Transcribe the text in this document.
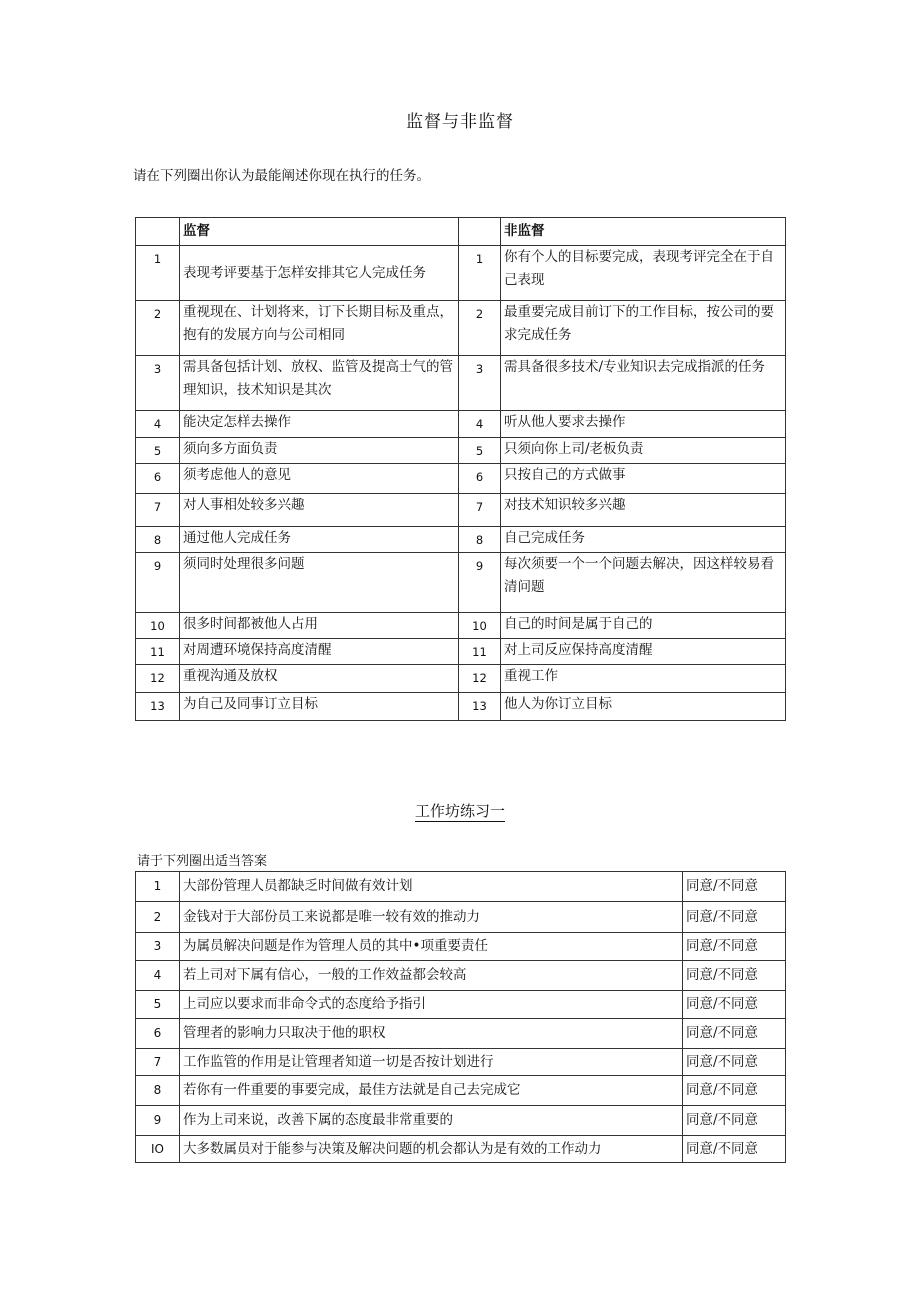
监督与非监督
请在下列圈出你认为最能阐述你现在执行的任务。
	监督		非监督
1	表现考评要基于怎样安排其它人完成任务	1	你有个人的目标要完成，表现考评完全在于自己表现
2	重视现在、计划将来，订下长期目标及重点，抱有的发展方向与公司相同	2	最重要完成目前订下的工作目标，按公司的要求完成任务
3	需具备包括计划、放权、监管及提高士气的管理知识，技术知识是其次	3	需具备很多技术/专业知识去完成指派的任务
4	能决定怎样去操作	4	听从他人要求去操作
5	须向多方面负责	5	只须向你上司/老板负责
6	须考虑他人的意见	6	只按自己的方式做事
7	对人事相处较多兴趣	7	对技术知识较多兴趣
8	通过他人完成任务	8	自己完成任务
9	须同时处理很多问题	9	每次须要一个一个问题去解决，因这样较易看清问题
10	很多时间都被他人占用	10	自己的时间是属于自己的
11	对周遭环境保持高度清醒	11	对上司反应保持高度清醒
12	重视沟通及放权	12	重视工作
13	为自己及同事订立目标	13	他人为你订立目标
工作坊练习一
请于下列圈出适当答案
1	大部份管理人员都缺乏时间做有效计划	同意/不同意
2	金钱对于大部份员工来说都是唯一较有效的推动力	同意/不同意
3	为属员解决问题是作为管理人员的其中•项重要责任	同意/不同意
4	若上司对下属有信心，一般的工作效益都会较高	同意/不同意
5	上司应以要求而非命令式的态度给予指引	同意/不同意
6	管理者的影响力只取决于他的职权	同意/不同意
7	工作监管的作用是让管理者知道一切是否按计划进行	同意/不同意
8	若你有一件重要的事要完成，最佳方法就是自己去完成它	同意/不同意
9	作为上司来说，改善下属的态度最非常重要的	同意/不同意
IO	大多数属员对于能参与决策及解决问题的机会都认为是有效的工作动力	同意/不同意
